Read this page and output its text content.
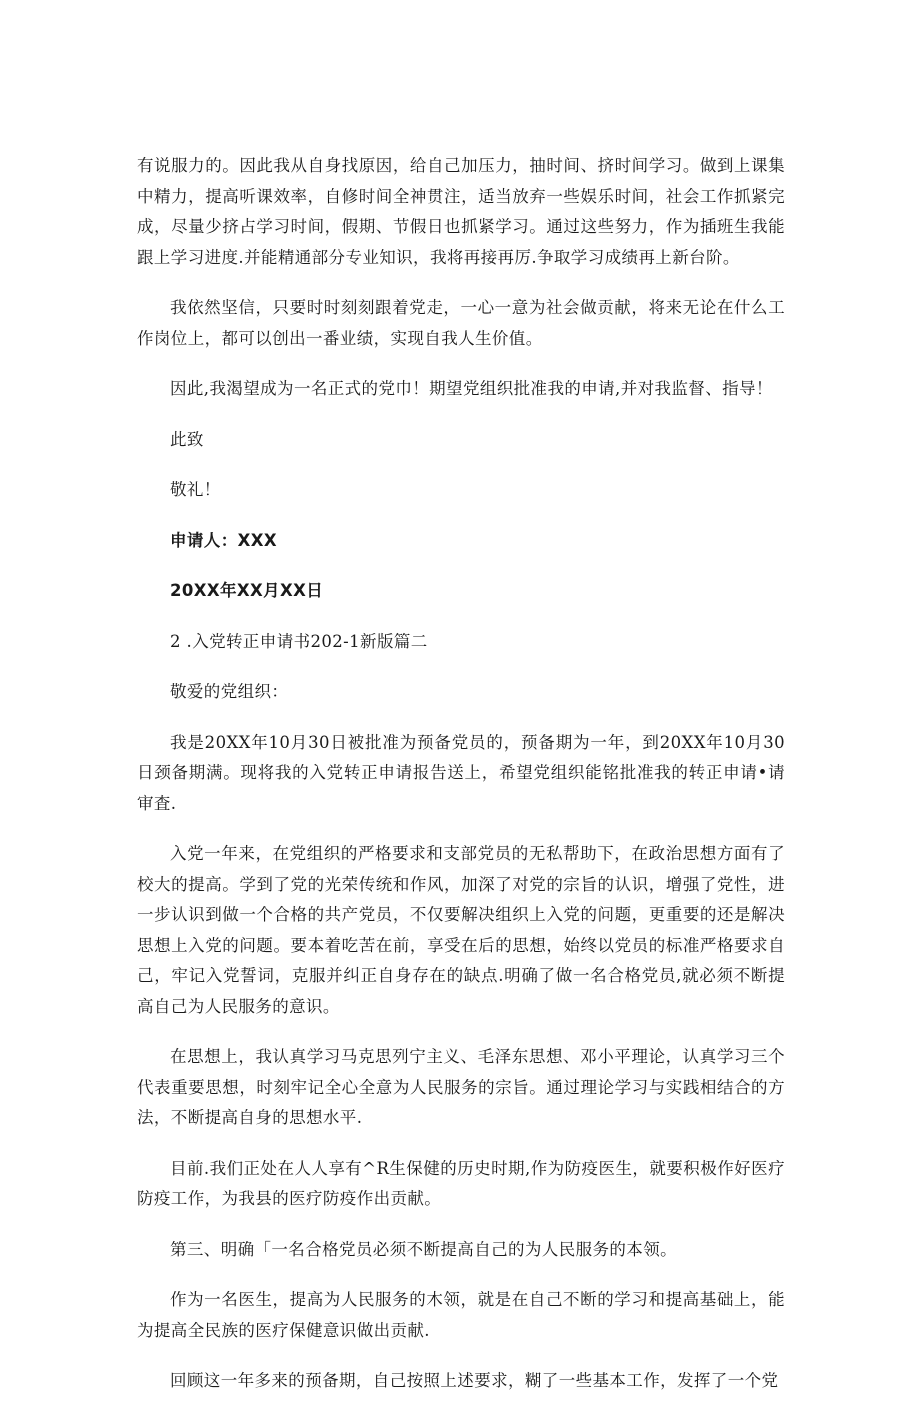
有说服力的。因此我从自身找原因，给自己加压力，抽时间、挤时间学习。做到上课集中精力，提高听课效率，自修时间全神贯注，适当放弃一些娱乐时间，社会工作抓紧完成，尽量少挤占学习时间，假期、节假日也抓紧学习。通过这些努力，作为插班生我能跟上学习进度.并能精通部分专业知识，我将再接再厉.争取学习成绩再上新台阶。

我依然坚信，只要时时刻刻跟着党走，一心一意为社会做贡献，将来无论在什么工作岗位上，都可以创出一番业绩，实现自我人生价值。

因此,我渴望成为一名正式的党巾！期望党组织批准我的申请,并对我监督、指导！

此致

敬礼！

申请人：XXX

20XX年XX月XX日

2 .入党转正申请书202-1新版篇二

敬爱的党组织：

我是20XX年10月30日被批准为预备党员的，预备期为一年，到20XX年10月30日颈备期满。现将我的入党转正申请报告送上，希望党组织能铭批准我的转正申请•请审査.

入党一年来，在党组织的严格要求和支部党员的无私帮助下，在政治思想方面有了校大的提高。学到了党的光荣传统和作风，加深了对党的宗旨的认识，增强了党性，进一步认识到做一个合格的共产党员，不仅要解决组织上入党的问题，更重要的还是解决思想上入党的问题。要本着吃苦在前，享受在后的思想，始终以党员的标准严格要求自己，牢记入党誓词，克服并纠正自身存在的缺点.明确了做一名合格党员,就必须不断提高自己为人民服务的意识。

在思想上，我认真学习马克思列宁主义、毛泽东思想、邓小平理论，认真学习三个代表重要思想，时刻牢记全心全意为人民服务的宗旨。通过理论学习与实践相结合的方法，不断提高自身的思想水平.

目前.我们正处在人人享有^R生保健的历史时期,作为防疫医生，就要积极作好医疗防疫工作，为我县的医疗防疫作出贡献。

第三、明确「一名合格党员必须不断提高自己的为人民服务的本领。

作为一名医生，提高为人民服务的木领，就是在自己不断的学习和提高基础上，能为提高全民族的医疗保健意识做出贡献.

回顾这一年多来的预备期，自己按照上述要求，糊了一些基本工作，发挥了一个党
